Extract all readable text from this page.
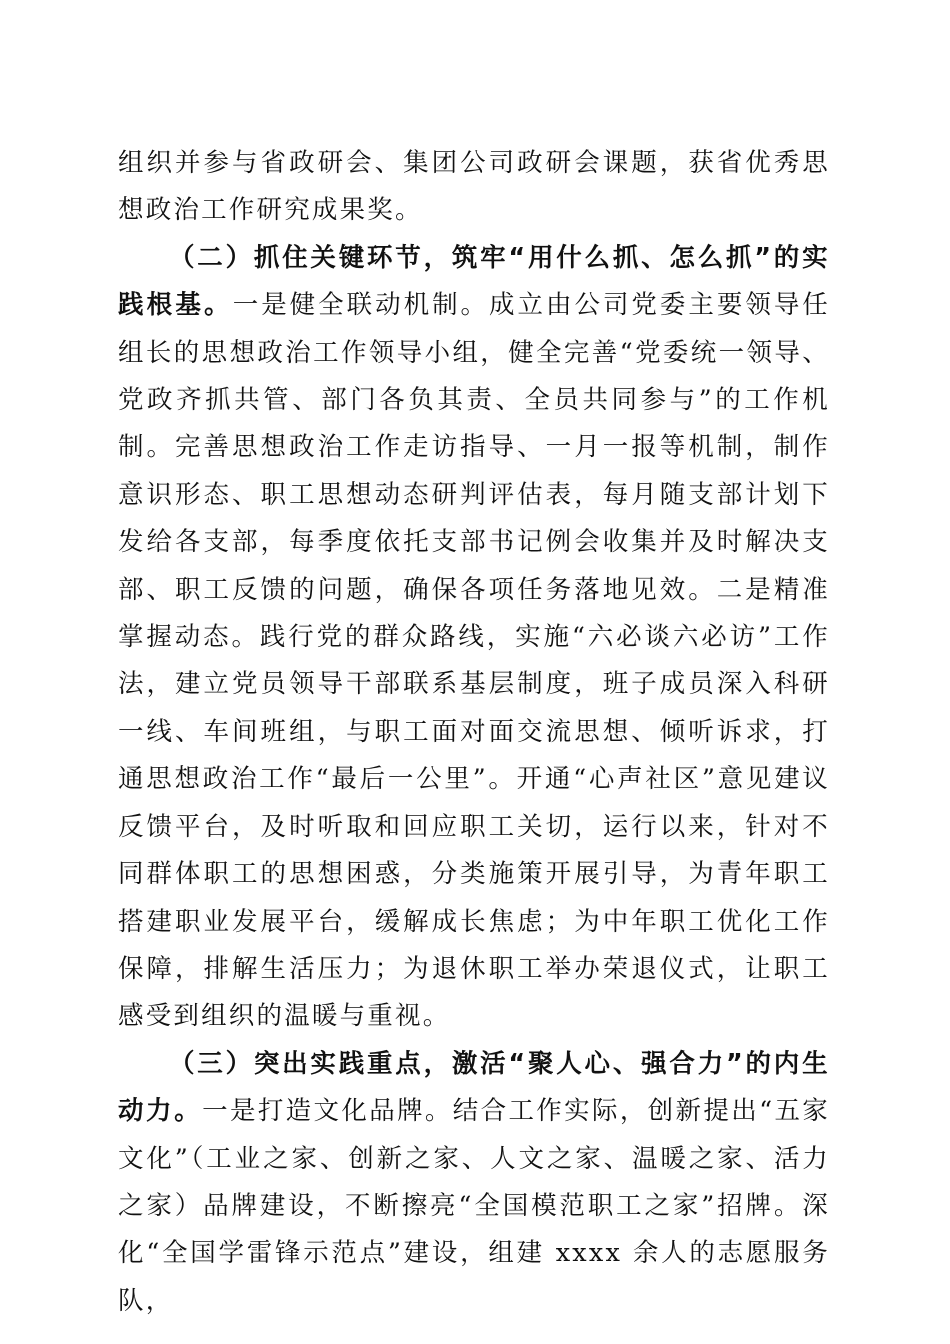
组织并参与省政研会、集团公司政研会课题，获省优秀思想政治工作研究成果奖。

（二）抓住关键环节，筑牢“用什么抓、怎么抓”的实践根基。一是健全联动机制。成立由公司党委主要领导任组长的思想政治工作领导小组，健全完善“党委统一领导、党政齐抓共管、部门各负其责、全员共同参与”的工作机制。完善思想政治工作走访指导、一月一报等机制，制作意识形态、职工思想动态研判评估表，每月随支部计划下发给各支部，每季度依托支部书记例会收集并及时解决支部、职工反馈的问题，确保各项任务落地见效。二是精准掌握动态。践行党的群众路线，实施“六必谈六必访”工作法，建立党员领导干部联系基层制度，班子成员深入科研一线、车间班组，与职工面对面交流思想、倾听诉求，打通思想政治工作“最后一公里”。开通“心声社区”意见建议反馈平台，及时听取和回应职工关切，运行以来，针对不同群体职工的思想困惑，分类施策开展引导，为青年职工搭建职业发展平台，缓解成长焦虑；为中年职工优化工作保障，排解生活压力；为退休职工举办荣退仪式，让职工感受到组织的温暖与重视。

（三）突出实践重点，激活“聚人心、强合力”的内生动力。一是打造文化品牌。结合工作实际，创新提出“五家文化”（工业之家、创新之家、人文之家、温暖之家、活力之家）品牌建设，不断擦亮“全国模范职工之家”招牌。深化“全国学雷锋示范点”建设，组建 xxxx 余人的志愿服务队，
